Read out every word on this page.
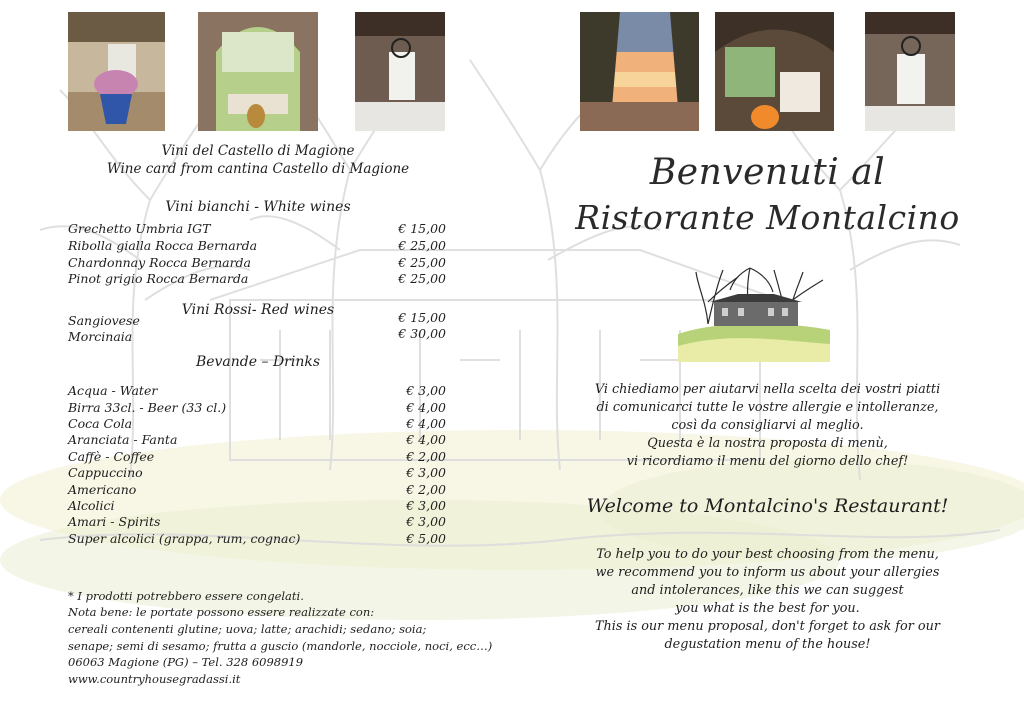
Vini del Castello di Magione
Wine card from cantina Castello di Magione
Vini bianchi - White wines
Grechetto Umbria IGT	€ 15,00
Ribolla gialla Rocca Bernarda	€ 25,00
Chardonnay Rocca Bernarda	€ 25,00
Pinot grigio Rocca Bernarda	€ 25,00
Vini Rossi- Red wines
Sangiovese	€ 15,00
Morcinaia	€ 30,00
Bevande – Drinks
Acqua - Water	€ 3,00
Birra 33cl. - Beer (33 cl.)	€ 4,00
Coca Cola	€ 4,00
Aranciata - Fanta	€ 4,00
Caffè - Coffee	€ 2,00
Cappuccino	€ 3,00
Americano	€ 2,00
Alcolici	€ 3,00
Amari - Spirits	€ 3,00
Super alcolici (grappa, rum, cognac)	€ 5,00
* I prodotti potrebbero essere congelati.
Nota bene: le portate possono essere realizzate con:
cereali contenenti glutine; uova; latte; arachidi; sedano; soia;
senape; semi di sesamo; frutta a guscio (mandorle, nocciole, noci, ecc…)
06063 Magione (PG) – Tel. 328 6098919
www.countryhousegradassi.it
Benvenuti al
Ristorante Montalcino
Vi chiediamo per aiutarvi nella scelta dei vostri piatti
di comunicarci tutte le vostre allergie e intolleranze,
così da consigliarvi al meglio.
Questa è la nostra proposta di menù,
vi ricordiamo il menu del giorno dello chef!
Welcome to Montalcino's Restaurant!
To help you to do your best choosing from the menu,
we recommend you to inform us about your allergies
and intolerances, like this we can suggest
you what is the best for you.
This is our menu proposal, don't forget to ask for our
degustation menu of the house!
